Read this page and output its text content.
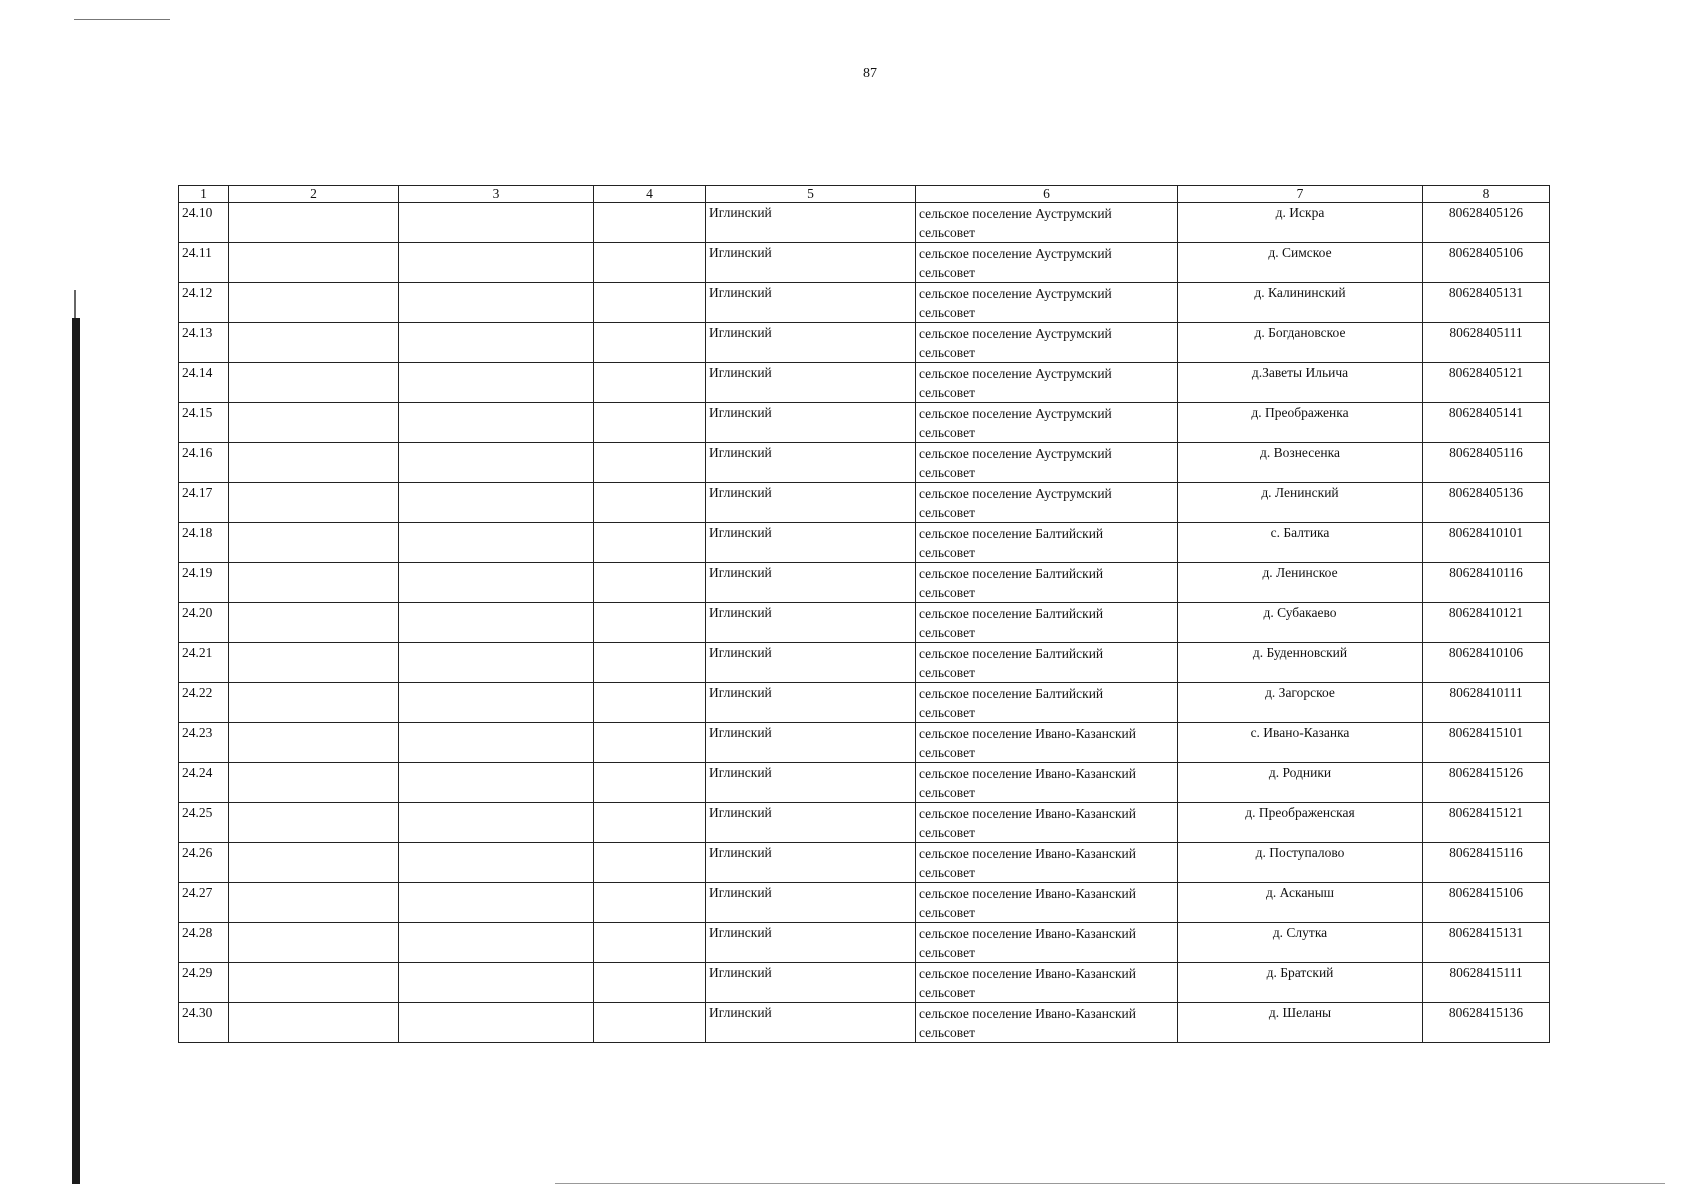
87
1	2	3	4	5	6	7	8
24.10				Иглинский	сельское поселение Ауструмский
сельсовет	д. Искра	80628405126
24.11				Иглинский	сельское поселение Ауструмский
сельсовет	д. Симское	80628405106
24.12				Иглинский	сельское поселение Ауструмский
сельсовет	д. Калининский	80628405131
24.13				Иглинский	сельское поселение Ауструмский
сельсовет	д. Богдановское	80628405111
24.14				Иглинский	сельское поселение Ауструмский
сельсовет	д.Заветы Ильича	80628405121
24.15				Иглинский	сельское поселение Ауструмский
сельсовет	д. Преображенка	80628405141
24.16				Иглинский	сельское поселение Ауструмский
сельсовет	д. Вознесенка	80628405116
24.17				Иглинский	сельское поселение Ауструмский
сельсовет	д. Ленинский	80628405136
24.18				Иглинский	сельское поселение Балтийский
сельсовет	с. Балтика	80628410101
24.19				Иглинский	сельское поселение Балтийский
сельсовет	д. Ленинское	80628410116
24.20				Иглинский	сельское поселение Балтийский
сельсовет	д. Субакаево	80628410121
24.21				Иглинский	сельское поселение Балтийский
сельсовет	д. Буденновский	80628410106
24.22				Иглинский	сельское поселение Балтийский
сельсовет	д. Загорское	80628410111
24.23				Иглинский	сельское поселение Ивано-Казанский
сельсовет	с. Ивано-Казанка	80628415101
24.24				Иглинский	сельское поселение Ивано-Казанский
сельсовет	д. Родники	80628415126
24.25				Иглинский	сельское поселение Ивано-Казанский
сельсовет	д. Преображенская	80628415121
24.26				Иглинский	сельское поселение Ивано-Казанский
сельсовет	д. Поступалово	80628415116
24.27				Иглинский	сельское поселение Ивано-Казанский
сельсовет	д. Асканыш	80628415106
24.28				Иглинский	сельское поселение Ивано-Казанский
сельсовет	д. Слутка	80628415131
24.29				Иглинский	сельское поселение Ивано-Казанский
сельсовет	д. Братский	80628415111
24.30				Иглинский	сельское поселение Ивано-Казанский
сельсовет	д. Шеланы	80628415136
